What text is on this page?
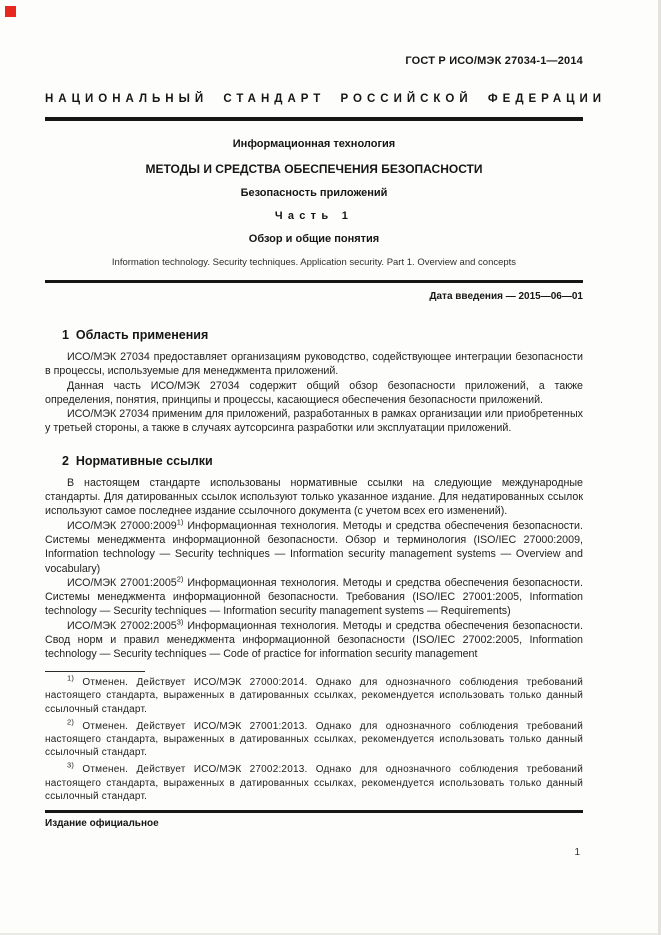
ГОСТ Р ИСО/МЭК 27034-1—2014
НАЦИОНАЛЬНЫЙ СТАНДАРТ РОССИЙСКОЙ ФЕДЕРАЦИИ
Информационная технология
МЕТОДЫ И СРЕДСТВА ОБЕСПЕЧЕНИЯ БЕЗОПАСНОСТИ
Безопасность приложений
Часть 1
Обзор и общие понятия
Information technology. Security techniques. Application security. Part 1. Overview and concepts
Дата введения — 2015—06—01
1  Область применения

ИСО/МЭК 27034 предоставляет организациям руководство, содействующее интеграции безопасности в процессы, используемые для менеджмента приложений.

Данная часть ИСО/МЭК 27034 содержит общий обзор безопасности приложений, а также определения, понятия, принципы и процессы, касающиеся обеспечения безопасности приложений.

ИСО/МЭК 27034 применим для приложений, разработанных в рамках организации или приобретенных у третьей стороны, а также в случаях аутсорсинга разработки или эксплуатации приложений.

2  Нормативные ссылки

В настоящем стандарте использованы нормативные ссылки на следующие международные стандарты. Для датированных ссылок используют только указанное издание. Для недатированных ссылок используют самое последнее издание ссылочного документа (с учетом всех его изменений).

ИСО/МЭК 27000:2009$^{1)}$ Информационная технология. Методы и средства обеспечения безопасности. Системы менеджмента информационной безопасности. Обзор и терминология (ISO/IEC 27000:2009, Information technology — Security techniques — Information security management systems — Overview and vocabulary)

ИСО/МЭК 27001:2005$^{2)}$ Информационная технология. Методы и средства обеспечения безопасности. Системы менеджмента информационной безопасности. Требования (ISO/IEC 27001:2005, Information technology — Security techniques — Information security management systems — Requirements)

ИСО/МЭК 27002:2005$^{3)}$ Информационная технология. Методы и средства обеспечения безопасности. Свод норм и правил менеджмента информационной безопасности (ISO/IEC 27002:2005, Information technology — Security techniques — Code of practice for information security management

$^{1)}$ Отменен. Действует ИСО/МЭК 27000:2014. Однако для однозначного соблюдения требований настоящего стандарта, выраженных в датированных ссылках, рекомендуется использовать только данный ссылочный стандарт.

$^{2)}$ Отменен. Действует ИСО/МЭК 27001:2013. Однако для однозначного соблюдения требований настоящего стандарта, выраженных в датированных ссылках, рекомендуется использовать только данный ссылочный стандарт.

$^{3)}$ Отменен. Действует ИСО/МЭК 27002:2013. Однако для однозначного соблюдения требований настоящего стандарта, выраженных в датированных ссылках, рекомендуется использовать только данный ссылочный стандарт.

Издание официальное
1
